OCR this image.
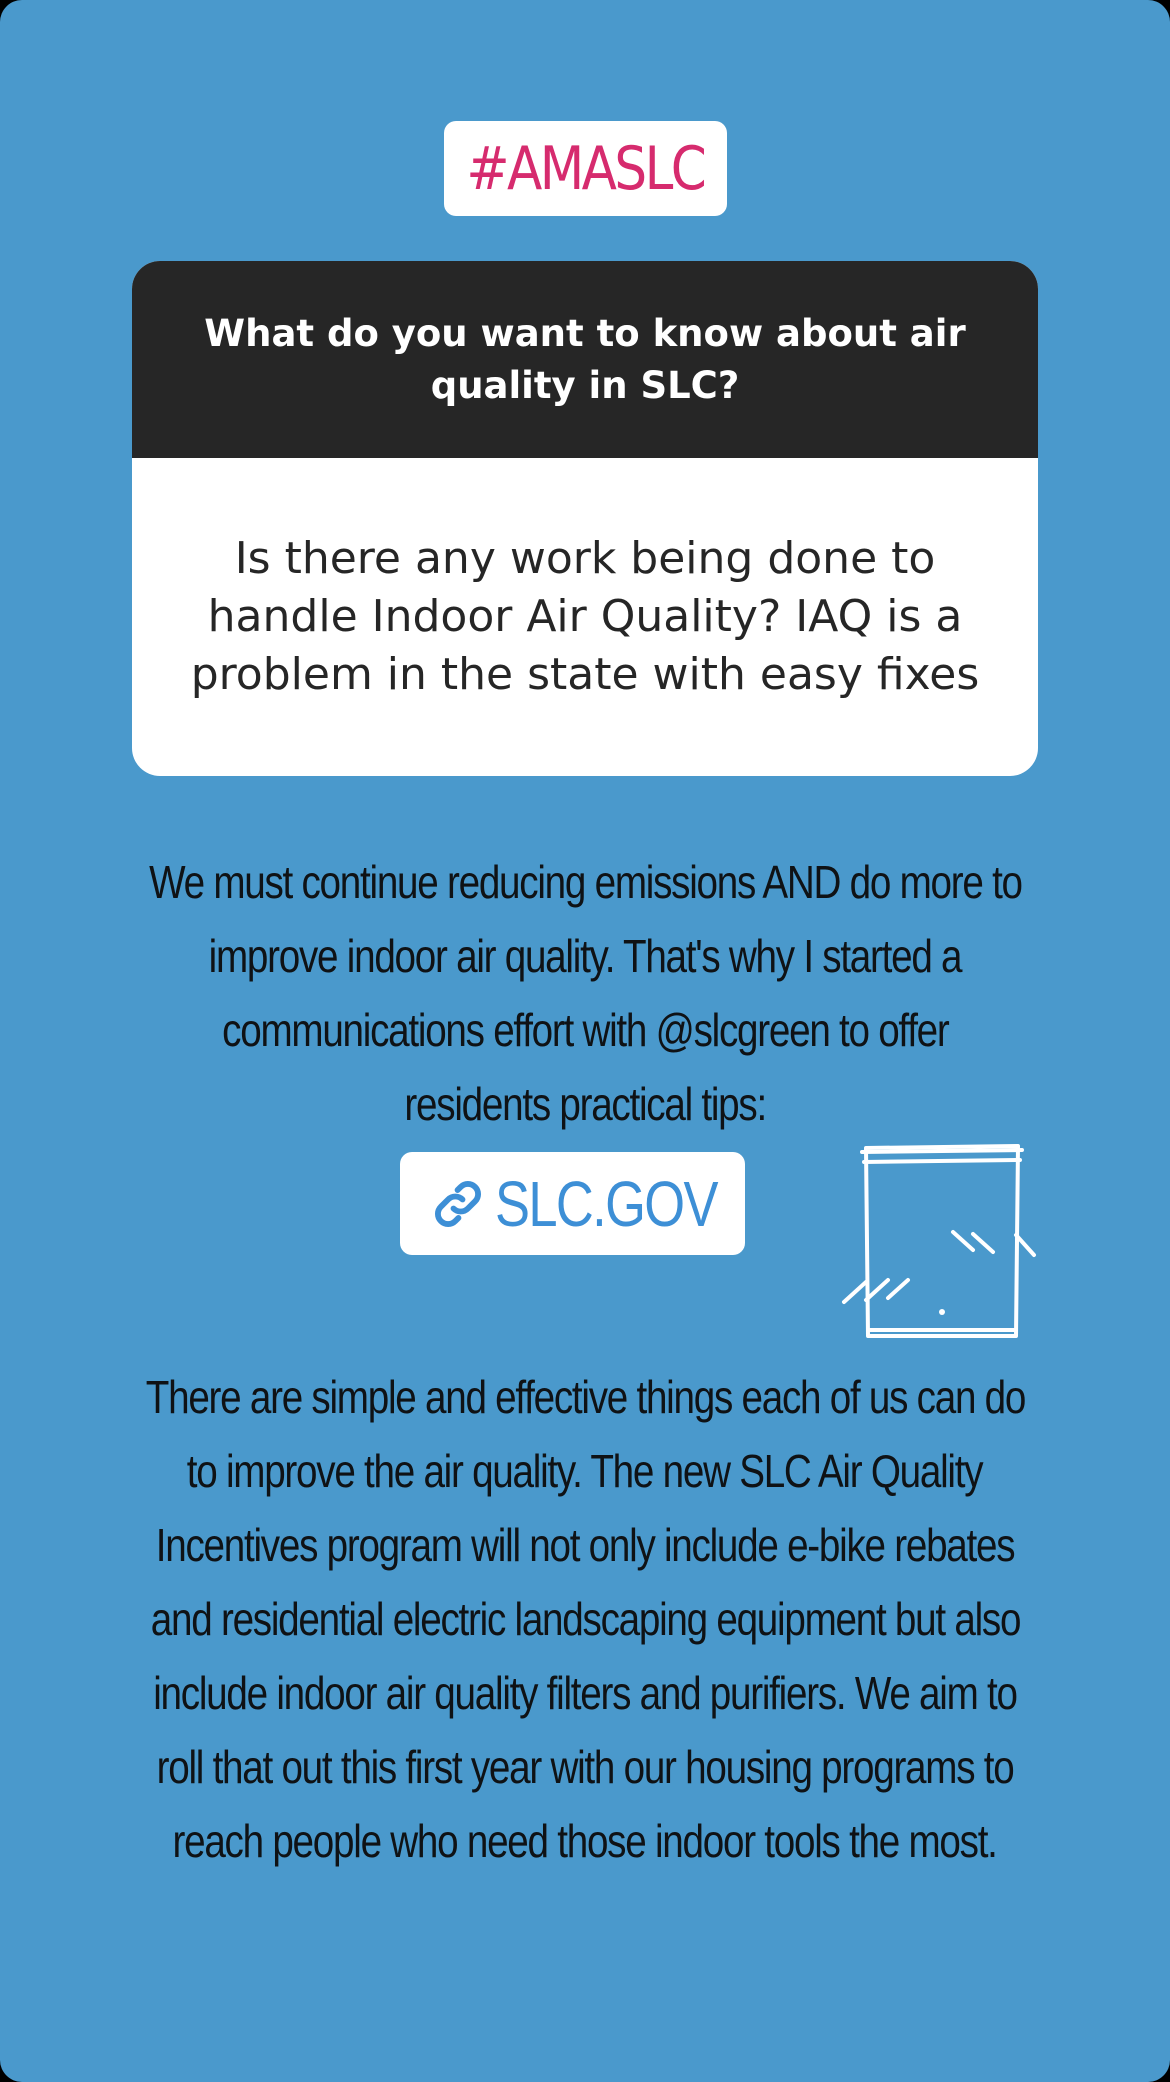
#AMASLC
What do you want to know about air quality in SLC?
Is there any work being done to handle Indoor Air Quality? IAQ is a problem in the state with easy fixes

We must continue reducing emissions AND do more to improve indoor air quality. That's why I started a communications effort with @slcgreen to offer residents practical tips:

SLC.GOV

There are simple and effective things each of us can do to improve the air quality. The new SLC Air Quality Incentives program will not only include e-bike rebates and residential electric landscaping equipment but also include indoor air quality filters and purifiers. We aim to roll that out this first year with our housing programs to reach people who need those indoor tools the most.
